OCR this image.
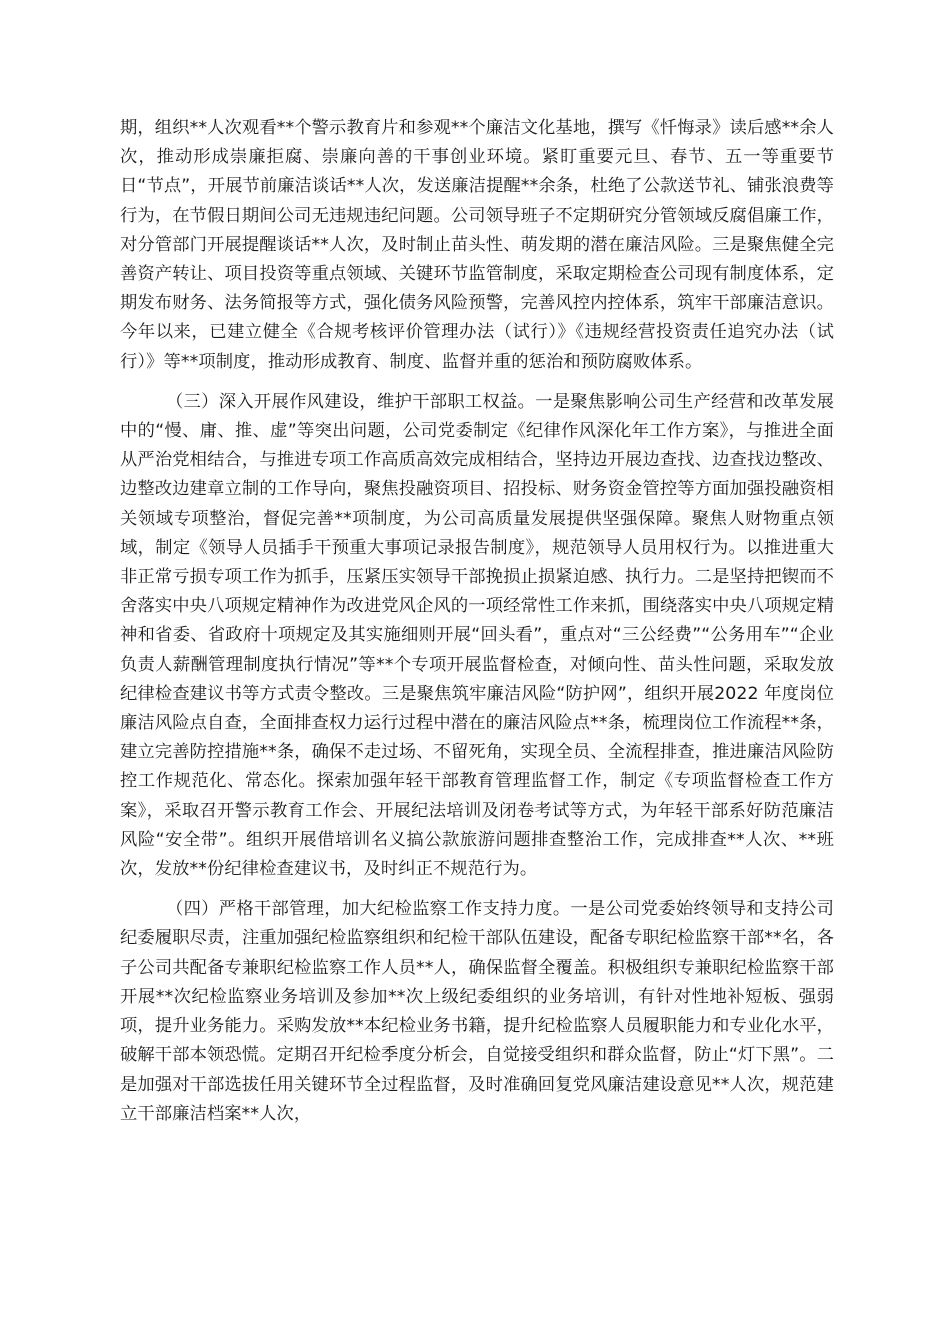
期，组织**人次观看**个警示教育片和参观**个廉洁文化基地，撰写《忏悔录》读后感**余人次，推动形成崇廉拒腐、崇廉向善的干事创业环境。紧盯重要元旦、春节、五一等重要节日“节点”，开展节前廉洁谈话**人次，发送廉洁提醒**余条，杜绝了公款送节礼、铺张浪费等行为，在节假日期间公司无违规违纪问题。公司领导班子不定期研究分管领域反腐倡廉工作，对分管部门开展提醒谈话**人次，及时制止苗头性、萌发期的潜在廉洁风险。三是聚焦健全完善资产转让、项目投资等重点领域、关键环节监管制度，采取定期检查公司现有制度体系，定期发布财务、法务简报等方式，强化债务风险预警，完善风控内控体系，筑牢干部廉洁意识。今年以来，已建立健全《合规考核评价管理办法（试行）》《违规经营投资责任追究办法（试行）》等**项制度，推动形成教育、制度、监督并重的惩治和预防腐败体系。

（三）深入开展作风建设，维护干部职工权益。一是聚焦影响公司生产经营和改革发展中的“慢、庸、推、虚”等突出问题，公司党委制定《纪律作风深化年工作方案》，与推进全面从严治党相结合，与推进专项工作高质高效完成相结合，坚持边开展边查找、边查找边整改、边整改边建章立制的工作导向，聚焦投融资项目、招投标、财务资金管控等方面加强投融资相关领域专项整治，督促完善**项制度，为公司高质量发展提供坚强保障。聚焦人财物重点领域，制定《领导人员插手干预重大事项记录报告制度》，规范领导人员用权行为。以推进重大非正常亏损专项工作为抓手，压紧压实领导干部挽损止损紧迫感、执行力。二是坚持把锲而不舍落实中央八项规定精神作为改进党风企风的一项经常性工作来抓，围绕落实中央八项规定精神和省委、省政府十项规定及其实施细则开展“回头看”，重点对“三公经费”“公务用车”“企业负责人薪酬管理制度执行情况”等**个专项开展监督检查，对倾向性、苗头性问题，采取发放纪律检查建议书等方式责令整改。三是聚焦筑牢廉洁风险“防护网”，组织开展2022 年度岗位廉洁风险点自查，全面排查权力运行过程中潜在的廉洁风险点**条，梳理岗位工作流程**条，建立完善防控措施**条，确保不走过场、不留死角，实现全员、全流程排查，推进廉洁风险防控工作规范化、常态化。探索加强年轻干部教育管理监督工作，制定《专项监督检查工作方案》，采取召开警示教育工作会、开展纪法培训及闭卷考试等方式，为年轻干部系好防范廉洁风险“安全带”。组织开展借培训名义搞公款旅游问题排查整治工作，完成排查**人次、**班次，发放**份纪律检查建议书，及时纠正不规范行为。

（四）严格干部管理，加大纪检监察工作支持力度。一是公司党委始终领导和支持公司纪委履职尽责，注重加强纪检监察组织和纪检干部队伍建设，配备专职纪检监察干部**名，各子公司共配备专兼职纪检监察工作人员**人，确保监督全覆盖。积极组织专兼职纪检监察干部开展**次纪检监察业务培训及参加**次上级纪委组织的业务培训，有针对性地补短板、强弱项，提升业务能力。采购发放**本纪检业务书籍，提升纪检监察人员履职能力和专业化水平，破解干部本领恐慌。定期召开纪检季度分析会，自觉接受组织和群众监督，防止“灯下黑”。二是加强对干部选拔任用关键环节全过程监督，及时准确回复党风廉洁建设意见**人次，规范建立干部廉洁档案**人次，
